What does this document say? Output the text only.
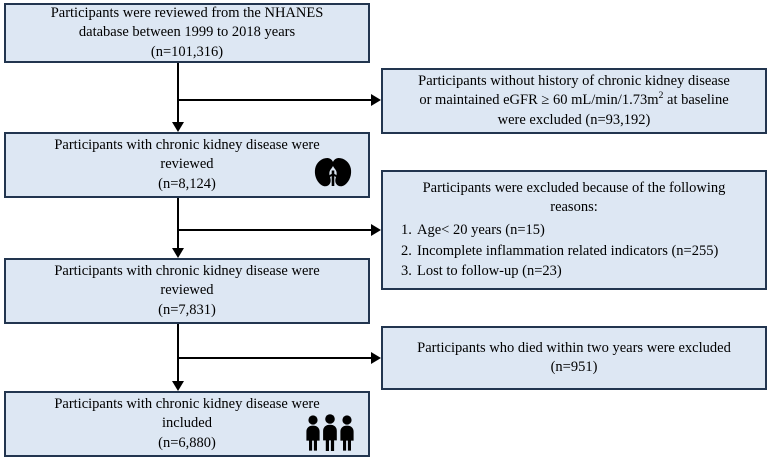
Participants were reviewed from the NHANES
database between 1999 to 2018 years
(n=101,316)
Participants with chronic kidney disease were
reviewed
(n=8,124)
Participants with chronic kidney disease were
reviewed
(n=7,831)
Participants with chronic kidney disease were
included
(n=6,880)
Participants without history of chronic kidney disease
or maintained eGFR ≥ 60 $mL/\min/1.73m^2$ at baseline
were excluded (n=93,192)
Participants were excluded because of the following
reasons:
1. Age< 20 years (n=15)
2. Incomplete inflammation related indicators (n=255)
3. Lost to follow-up (n=23)
Participants who died within two years were excluded
(n=951)
